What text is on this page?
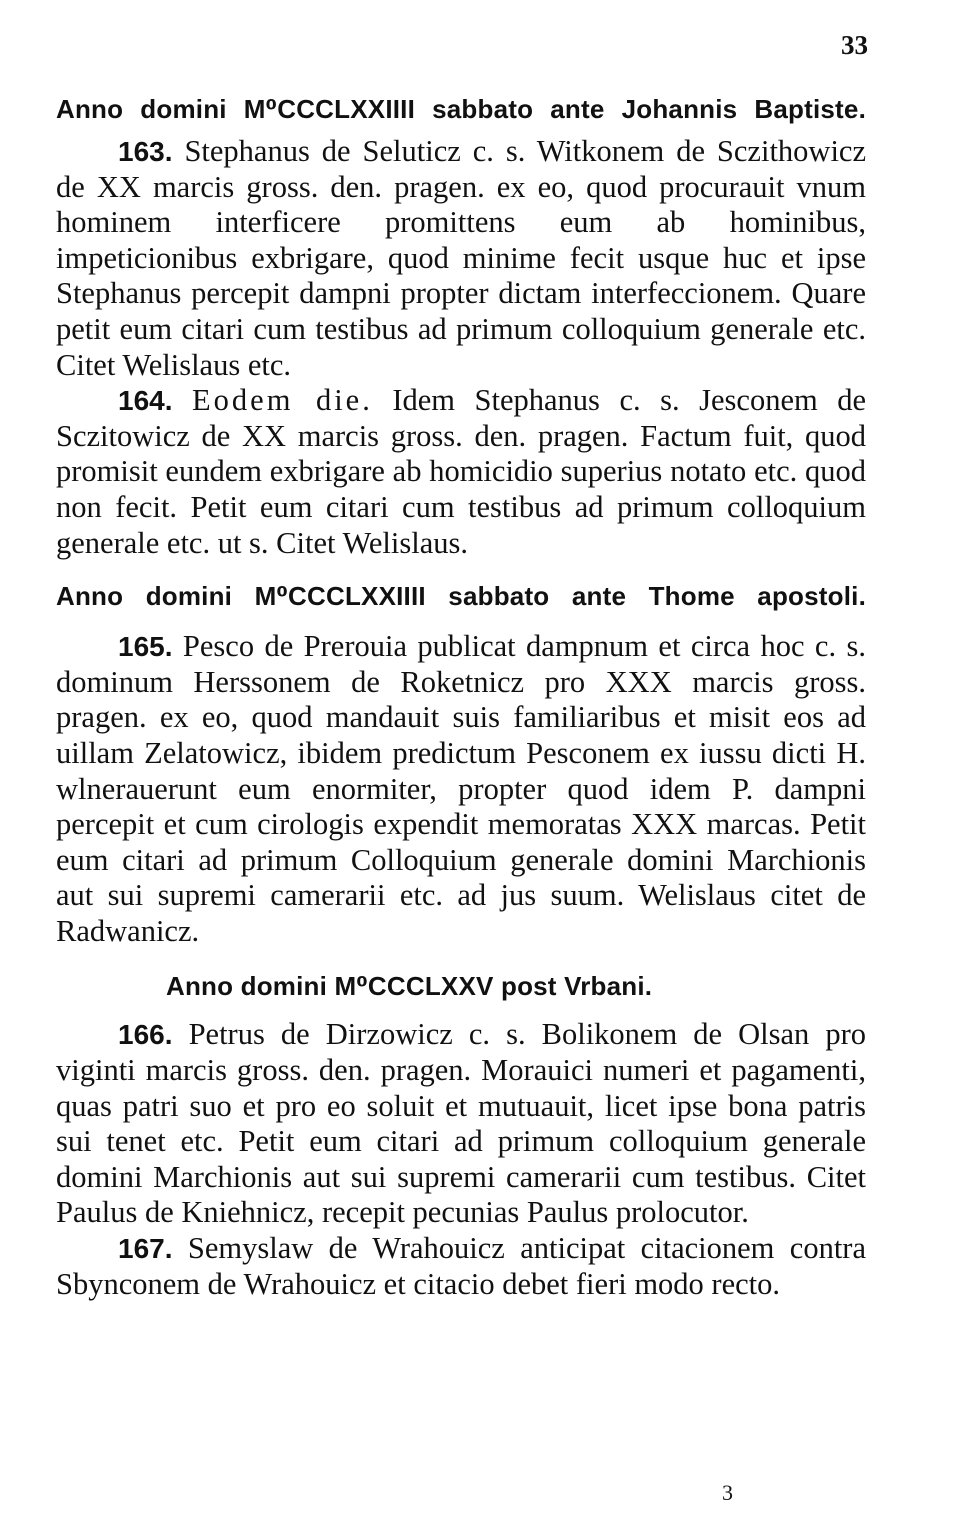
33
Anno domini M⁰CCCLXXIIII sabbato ante Johannis Baptiste.

163. Stephanus de Seluticz c. s. Witkonem de Sczithowicz de XX marcis gross. den. pragen. ex eo, quod procurauit vnum hominem interficere promittens eum ab hominibus, impeticionibus exbrigare, quod minime fecit usque huc et ipse Stephanus percepit dampni propter dictam interfeccionem. Quare petit eum citari cum testibus ad primum colloquium generale etc. Citet Welislaus etc.

164. Eodem die. Idem Stephanus c. s. Jesconem de Sczitowicz de XX marcis gross. den. pragen. Factum fuit, quod promisit eundem exbrigare ab homicidio superius notato etc. quod non fecit. Petit eum citari cum testibus ad primum colloquium generale etc. ut s. Citet Welislaus.

Anno domini M⁰CCCLXXIIII sabbato ante Thome apostoli.

165. Pesco de Prerouia publicat dampnum et circa hoc c. s. dominum Herssonem de Roketnicz pro XXX marcis gross. pragen. ex eo, quod mandauit suis familiaribus et misit eos ad uillam Zelatowicz, ibidem predictum Pesconem ex iussu dicti H. wlnerauerunt eum enormiter, propter quod idem P. dampni percepit et cum cirologis expendit memoratas XXX marcas. Petit eum citari ad primum Colloquium generale domini Marchionis aut sui supremi camerarii etc. ad jus suum. Welislaus citet de Radwanicz.

Anno domini M⁰CCCLXXV post Vrbani.

166. Petrus de Dirzowicz c. s. Bolikonem de Olsan pro viginti marcis gross. den. pragen. Morauici numeri et pagamenti, quas patri suo et pro eo soluit et mutuauit, licet ipse bona patris sui tenet etc. Petit eum citari ad primum colloquium generale domini Marchionis aut sui supremi camerarii cum testibus. Citet Paulus de Kniehnicz, recepit pecunias Paulus prolocutor.

167. Semyslaw de Wrahouicz anticipat citacionem contra Sbynconem de Wrahouicz et citacio debet fieri modo recto.

3
